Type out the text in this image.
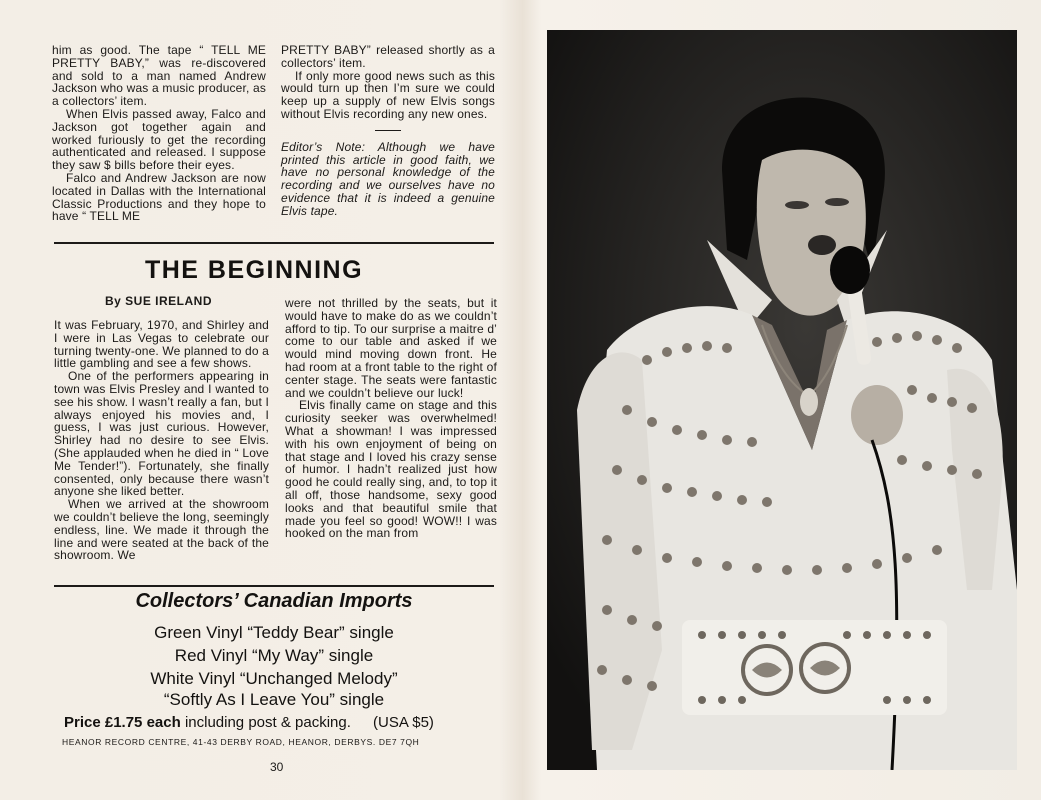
him as good. The tape “ TELL ME PRETTY BABY,” was re-discovered and sold to a man named Andrew Jackson who was a music producer, as a collectors’ item.

When Elvis passed away, Falco and Jackson got together again and worked furiously to get the recording authenticated and released. I suppose they saw $ bills before their eyes.

Falco and Andrew Jackson are now located in Dallas with the International Classic Productions and they hope to have “ TELL ME

PRETTY BABY” released shortly as a collectors’ item.

If only more good news such as this would turn up then I’m sure we could keep up a supply of new Elvis songs without Elvis recording any new ones.

Editor’s Note: Although we have printed this article in good faith, we have no personal knowledge of the recording and we ourselves have no evidence that it is indeed a genuine Elvis tape.

THE BEGINNING
By SUE IRELAND

It was February, 1970, and Shirley and I were in Las Vegas to celebrate our turning twenty-one. We planned to do a little gambling and see a few shows.

One of the performers appearing in town was Elvis Presley and I wanted to see his show. I wasn’t really a fan, but I always enjoyed his movies and, I guess, I was just curious. However, Shirley had no desire to see Elvis. (She applauded when he died in “ Love Me Tender!”). Fortunately, she finally consented, only because there wasn’t anyone she liked better.

When we arrived at the showroom we couldn’t believe the long, seemingly endless, line. We made it through the line and were seated at the back of the showroom. We

were not thrilled by the seats, but it would have to make do as we couldn’t afford to tip. To our surprise a maitre d’ come to our table and asked if we would mind moving down front. He had room at a front table to the right of center stage. The seats were fantastic and we couldn’t believe our luck!

Elvis finally came on stage and this curiosity seeker was overwhelmed! What a showman! I was impressed with his own enjoyment of being on that stage and I loved his crazy sense of humor. I hadn’t realized just how good he could really sing, and, to top it all off, those handsome, sexy good looks and that beautiful smile that made you feel so good! WOW!! I was hooked on the man from

Collectors’ Canadian Imports
Green Vinyl “Teddy Bear” single
Red Vinyl “My Way” single
White Vinyl “Unchanged Melody”
“Softly As I Leave You” single
Price £1.75 each including post & packing. (USA $5)
HEANOR RECORD CENTRE, 41-43 DERBY ROAD, HEANOR, DERBYS. DE7 7QH
30
